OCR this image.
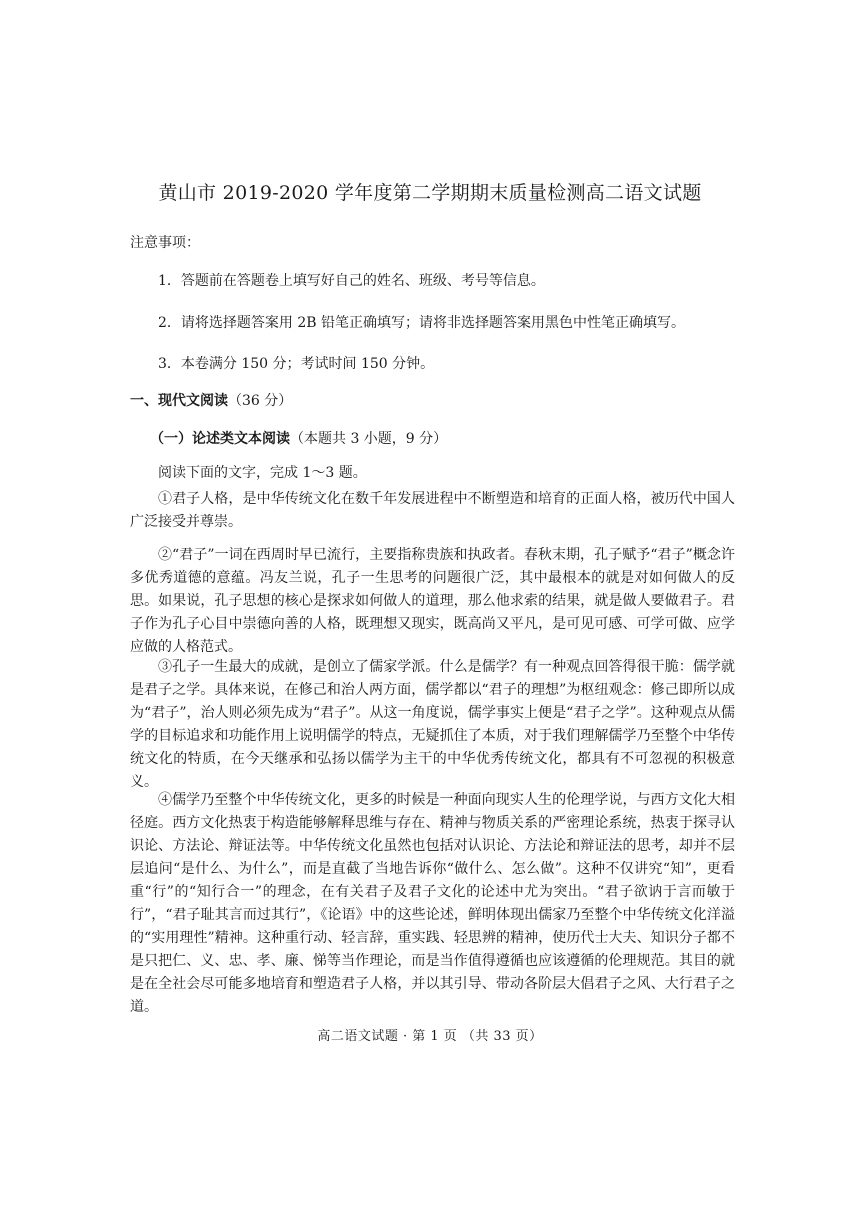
黄山市 2019-2020 学年度第二学期期末质量检测高二语文试题
注意事项：
1．答题前在答题卷上填写好自己的姓名、班级、考号等信息。
2．请将选择题答案用 2B 铅笔正确填写；请将非选择题答案用黑色中性笔正确填写。
3．本卷满分 150 分；考试时间 150 分钟。
一、现代文阅读（36 分）
（一）论述类文本阅读（本题共 3 小题，9 分）
阅读下面的文字，完成 1～3 题。
①君子人格，是中华传统文化在数千年发展进程中不断塑造和培育的正面人格，被历代中国人广泛接受并尊崇。
②“君子”一词在西周时早已流行，主要指称贵族和执政者。春秋末期，孔子赋予“君子”概念许多优秀道德的意蕴。冯友兰说，孔子一生思考的问题很广泛，其中最根本的就是对如何做人的反思。如果说，孔子思想的核心是探求如何做人的道理，那么他求索的结果，就是做人要做君子。君子作为孔子心目中崇德向善的人格，既理想又现实，既高尚又平凡，是可见可感、可学可做、应学应做的人格范式。
③孔子一生最大的成就，是创立了儒家学派。什么是儒学？有一种观点回答得很干脆：儒学就是君子之学。具体来说，在修己和治人两方面，儒学都以“君子的理想”为枢纽观念：修己即所以成为“君子”，治人则必须先成为“君子”。从这一角度说，儒学事实上便是“君子之学”。这种观点从儒学的目标追求和功能作用上说明儒学的特点，无疑抓住了本质，对于我们理解儒学乃至整个中华传统文化的特质，在今天继承和弘扬以儒学为主干的中华优秀传统文化，都具有不可忽视的积极意义。
④儒学乃至整个中华传统文化，更多的时候是一种面向现实人生的伦理学说，与西方文化大相径庭。西方文化热衷于构造能够解释思维与存在、精神与物质关系的严密理论系统，热衷于探寻认识论、方法论、辩证法等。中华传统文化虽然也包括对认识论、方法论和辩证法的思考，却并不层层追问“是什么、为什么”，而是直截了当地告诉你“做什么、怎么做”。这种不仅讲究“知”，更看重“行”的“知行合一”的理念，在有关君子及君子文化的论述中尤为突出。“君子欲讷于言而敏于行”，“君子耻其言而过其行”，《论语》中的这些论述，鲜明体现出儒家乃至整个中华传统文化洋溢的“实用理性”精神。这种重行动、轻言辞，重实践、轻思辨的精神，使历代士大夫、知识分子都不是只把仁、义、忠、孝、廉、悌等当作理论，而是当作值得遵循也应该遵循的伦理规范。其目的就是在全社会尽可能多地培育和塑造君子人格，并以其引导、带动各阶层大倡君子之风、大行君子之道。
高二语文试题 · 第 1 页 （共 33 页）
